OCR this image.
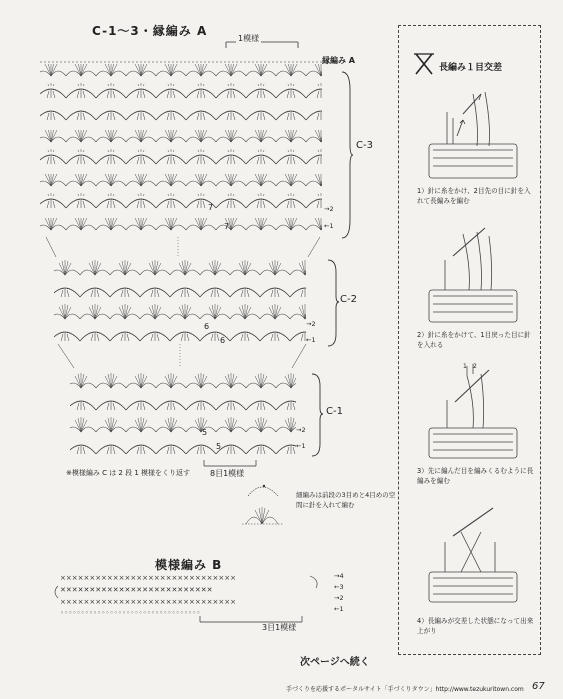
C-1～3・縁編み A
1模様
縁編み A
7
7
→2
←1
C-3
6
6
→2
←1
C-2
5
5
→2
←1
C-1
※模様編み C は 2 段 1 模様をくり返す 8目1模様
細編みは前段の3目めと4目めの空間に針を入れて編む
模様編み B
××××××××××××××××××××××××××××××
✕✕✕✕✕✕✕✕✕✕✕✕✕✕✕✕✕✕✕✕✕✕✕✕✕✕
××××××××××××××××××××××××××××××
◦◦◦◦◦◦◦◦◦◦◦◦◦◦◦◦◦◦◦◦◦◦◦◦◦◦◦◦◦◦◦◦◦◦
→4
←3
→2
←1
3目1模様
次ページへ続く
手づくりを応援するポータルサイト「手づくりタウン」http://www.tezukuritown.com 67
長編み１目交差
1）針に糸をかけ、2目先の目に針を入れて長編みを編む
2）針に糸をかけて、1目戻った目に針を入れる
1 2
3）先に編んだ目を編みくるむように長編みを編む
4）長編みが交差した状態になって出来上がり
